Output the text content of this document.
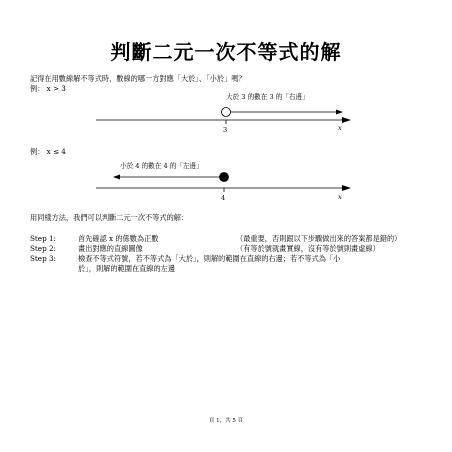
判斷二元一次不等式的解
記得在用數線解不等式時，數線的哪一方對應「大於」、「小於」嗎？
例： x > 3
大於 3 的數在 3 的「右邊」
3	x
例： x ≤ 4
小於 4 的數在 4 的「左邊」
4	x
用同樣方法，我們可以判斷二元一次不等式的解：
Step 1:	首先確認 x 的係數為正數	（最重要，否則跟以下步驟做出來的答案都是錯的）
Step 2:	畫出對應的直線圖像	（有等於號就畫實線，沒有等於號則畫虛線）
Step 3:	檢查不等式符號，若不等式為「大於」，則解的範圍在直線的右邊；若不等式為「小
於」，則解的範圍在直線的左邊
頁 1，共 5 頁
